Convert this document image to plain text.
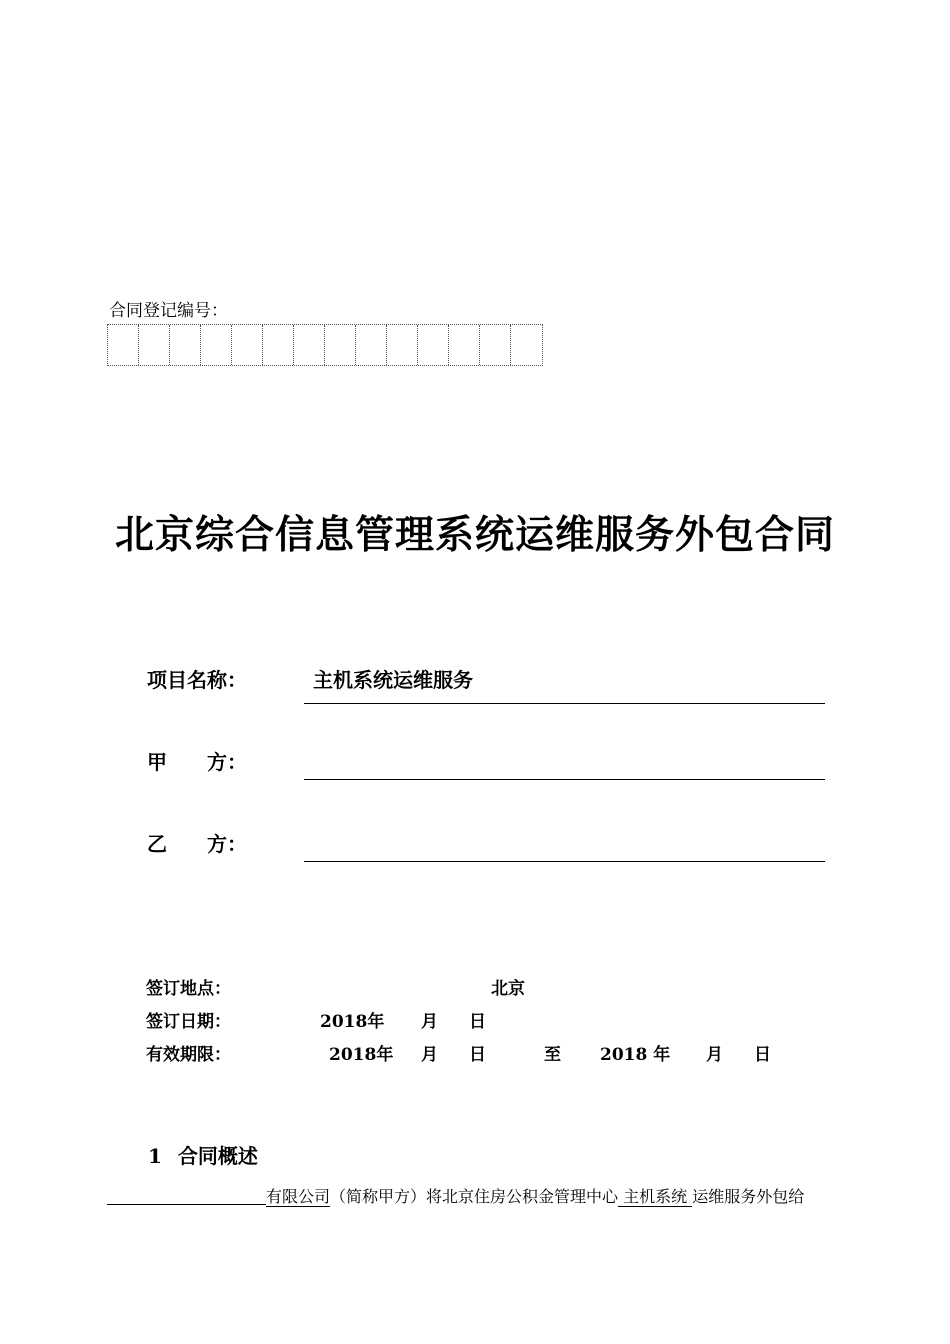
合同登记编号：
北京综合信息管理系统运维服务外包合同
项目名称：	主机系统运维服务
甲　　方：
乙　　方：
签订地点：	北京
签订日期：	2018年 月 日
有效期限：	2018年 月 日	至 2018 年 月 日
1 合同概述
有限公司（简称甲方）将北京住房公积金管理中心 主机系统 运维服务外包给
